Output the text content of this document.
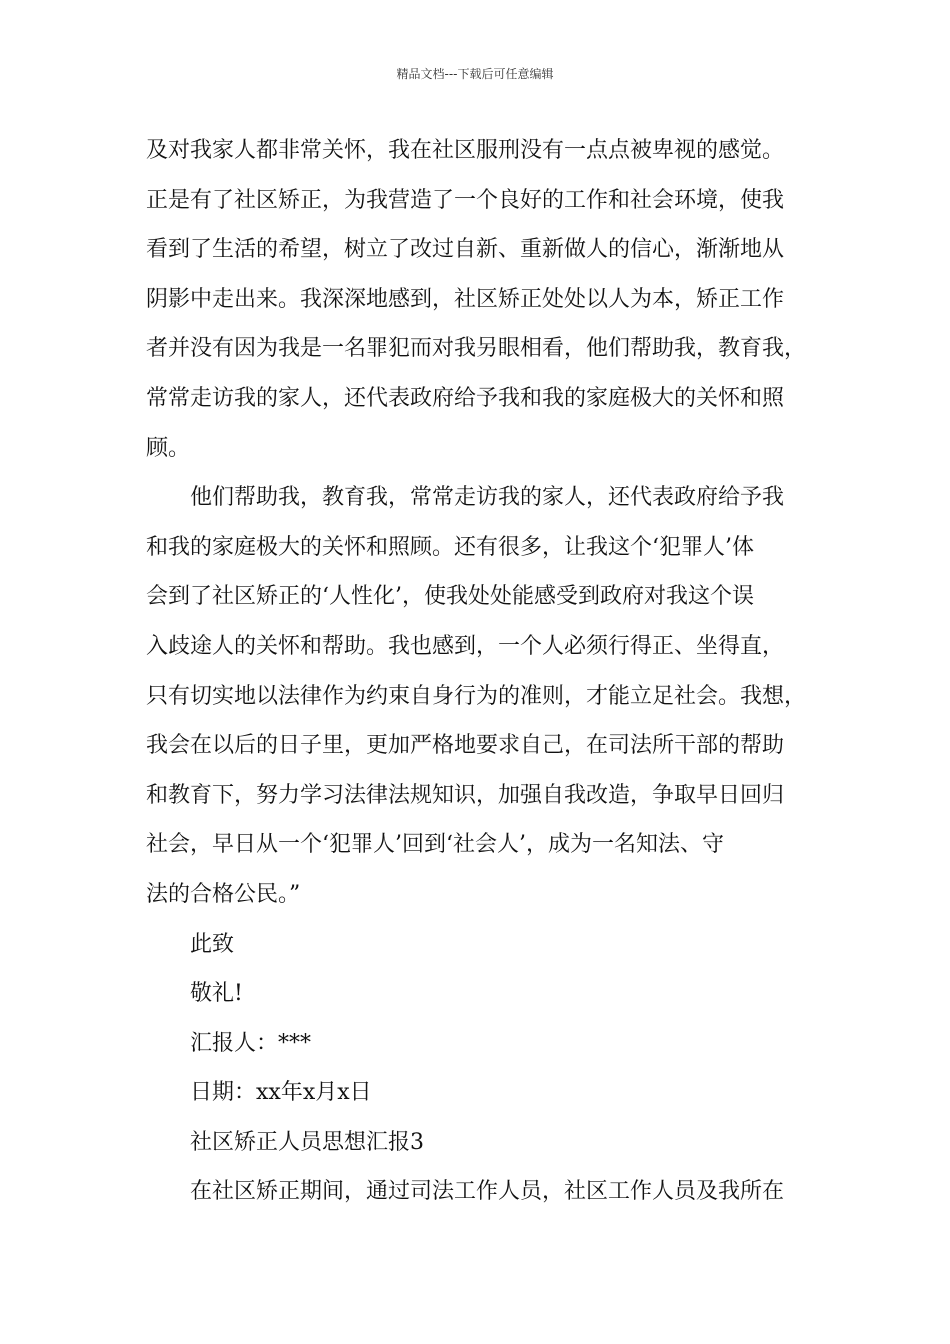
精品文档---下载后可任意编辑
及对我家人都非常关怀，我在社区服刑没有一点点被卑视的感觉。
正是有了社区矫正，为我营造了一个良好的工作和社会环境，使我
看到了生活的希望，树立了改过自新、重新做人的信心，渐渐地从
阴影中走出来。我深深地感到，社区矫正处处以人为本，矫正工作
者并没有因为我是一名罪犯而对我另眼相看，他们帮助我，教育我，
常常走访我的家人，还代表政府给予我和我的家庭极大的关怀和照
顾。
他们帮助我，教育我，常常走访我的家人，还代表政府给予我
和我的家庭极大的关怀和照顾。还有很多，让我这个‘犯罪人’体
会到了社区矫正的‘人性化’，使我处处能感受到政府对我这个误
入歧途人的关怀和帮助。我也感到，一个人必须行得正、坐得直，
只有切实地以法律作为约束自身行为的准则，才能立足社会。我想，
我会在以后的日子里，更加严格地要求自己，在司法所干部的帮助
和教育下，努力学习法律法规知识，加强自我改造，争取早日回归
社会，早日从一个‘犯罪人’回到‘社会人’，成为一名知法、守
法的合格公民。”
此致
敬礼!
汇报人：***
日期：xx年x月x日
社区矫正人员思想汇报3
在社区矫正期间，通过司法工作人员，社区工作人员及我所在
